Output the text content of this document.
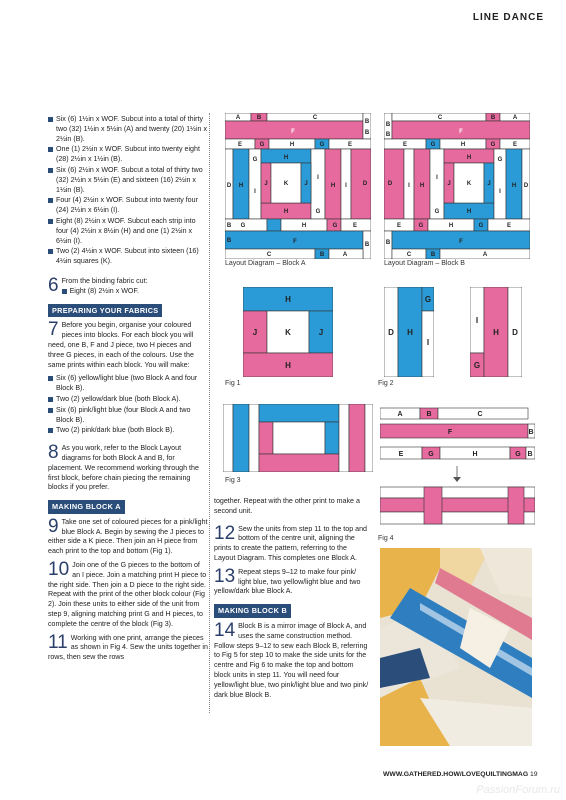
LINE DANCE
Six (6) 1½in x WOF. Subcut into a total of thirty two (32) 1½in x 5½in (A) and twenty (20) 1½in x 2½in (B).
One (1) 2½in x WOF. Subcut into twenty eight (28) 2½in x 1½in (B).
Six (6) 2½in x WOF. Subcut a total of thirty two (32) 2½in x 5½in (E) and sixteen (16) 2½in x 1½in (B).
Four (4) 2½in x WOF. Subcut into twenty four (24) 2½in x 6½in (I).
Eight (8) 2½in x WOF. Subcut each strip into four (4) 2½in x 8½in (H) and one (1) 2½in x 6½in (I).
Two (2) 4½in x WOF. Subcut into sixteen (16) 4½in squares (K).
6 From the binding fabric cut:
Eight (8) 2½in x WOF.
PREPARING YOUR FABRICS
7 Before you begin, organise your coloured pieces into blocks. For each block you will need, one B, F and J piece, two H pieces and three G pieces, in each of the colours. Use the same prints within each block. You will make:
Six (6) yellow/light blue (two Block A and four Block B).
Two (2) yellow/dark blue (both Block A).
Six (6) pink/light blue (four Block A and two Block B).
Two (2) pink/dark blue (both Block B).
8 As you work, refer to the Block Layout diagrams for both Block A and B, for placement. We recommend working through the first block, before chain piecing the remaining blocks if you prefer.
MAKING BLOCK A
9 Take one set of coloured pieces for a pink/light blue Block A. Begin by sewing the J pieces to either side a K piece. Then join an H piece from each print to the top and bottom (Fig 1).
10 Join one of the G pieces to the bottom of an I piece. Join a matching print H piece to the right side. Then join a D piece to the right side. Repeat with the print of the other block colour (Fig 2). Join these units to either side of the unit from step 9, aligning matching print G and H pieces, to complete the centre of the block (Fig 3).
11 Working with one print, arrange the pieces as shown in Fig 4. Sew the units together in rows, then sew the rows
together. Repeat with the other print to make a second unit.
12 Sew the units from step 11 to the top and bottom of the centre unit, aligning the prints to create the pattern, referring to the Layout Diagram. This completes one Block A.
13 Repeat steps 9–12 to make four pink/ light blue, two yellow/light blue and two yellow/dark blue Block A.
MAKING BLOCK B
14 Block B is a mirror image of Block A, and uses the same construction method. Follow steps 9–12 to sew each Block B, referring to Fig 5 for step 10 to make the side units for the centre and Fig 6 to make the top and bottom block units in step 11. You will need four yellow/light blue, two pink/light blue and two pink/ dark blue Block B.
A	B	C
F
B
B
E	G	H	G	E
D H
I
G	H
J	K	J
H	G
I
H I	D
B G	H	G	E
B	F	B
C	B	A
Layout Diagram – Block A
B
B
C	B	A
F
E	G	H	G	E
D	I H
I
G
H	G
J	K	J
H
I
H D
E	G	H	G	E
B	F
C	B	A
Layout Diagram – Block B
H
J	K	J
H
Fig 1
D H
G
I
I
G
H D
Fig 2
Fig 3
A	B	C
F	B
E	G	H	G B
Fig 4
WWW.GATHERED.HOW/LOVEQUILTINGMAG 19
PassionForum.ru
